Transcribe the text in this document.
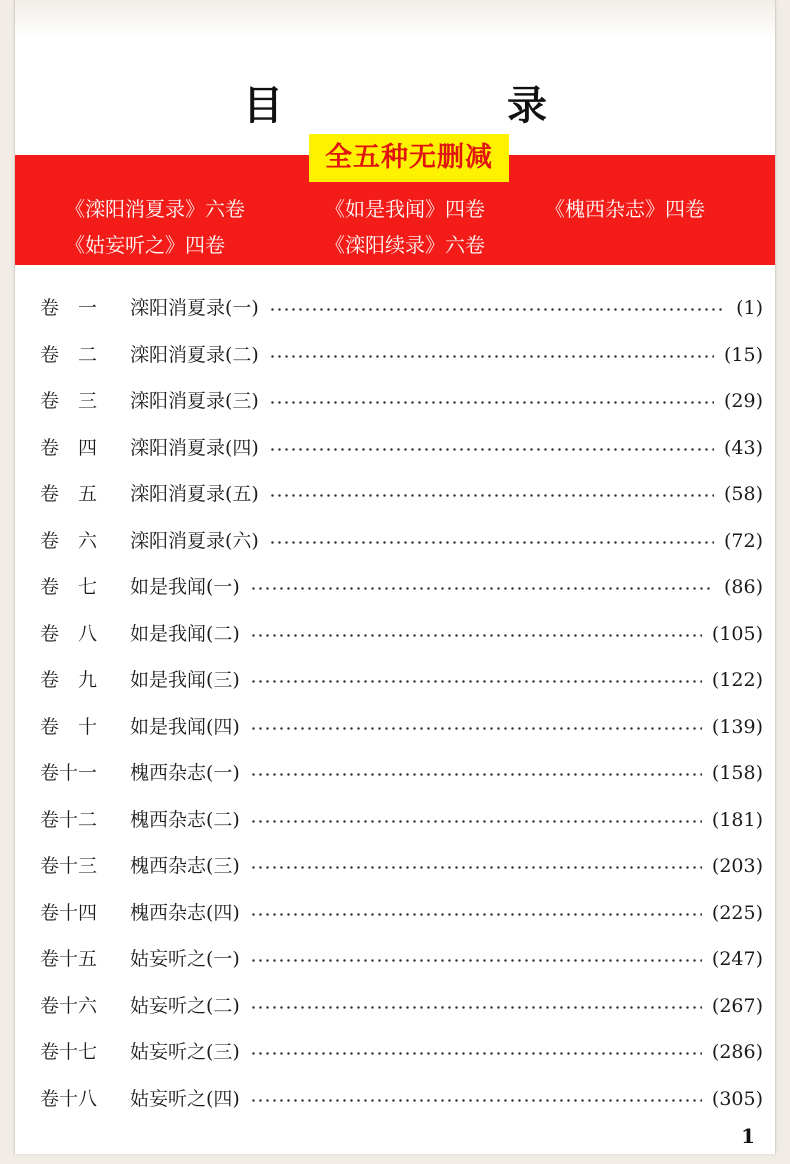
目　录
《滦阳消夏录》六卷	《如是我闻》四卷	《槐西杂志》四卷
《姑妄听之》四卷	《滦阳续录》六卷
全五种无删减
卷　一	滦阳消夏录(一)	(1)
卷　二	滦阳消夏录(二)	(15)
卷　三	滦阳消夏录(三)	(29)
卷　四	滦阳消夏录(四)	(43)
卷　五	滦阳消夏录(五)	(58)
卷　六	滦阳消夏录(六)	(72)
卷　七	如是我闻(一)	(86)
卷　八	如是我闻(二)	(105)
卷　九	如是我闻(三)	(122)
卷　十	如是我闻(四)	(139)
卷十一	槐西杂志(一)	(158)
卷十二	槐西杂志(二)	(181)
卷十三	槐西杂志(三)	(203)
卷十四	槐西杂志(四)	(225)
卷十五	姑妄听之(一)	(247)
卷十六	姑妄听之(二)	(267)
卷十七	姑妄听之(三)	(286)
卷十八	姑妄听之(四)	(305)
1
